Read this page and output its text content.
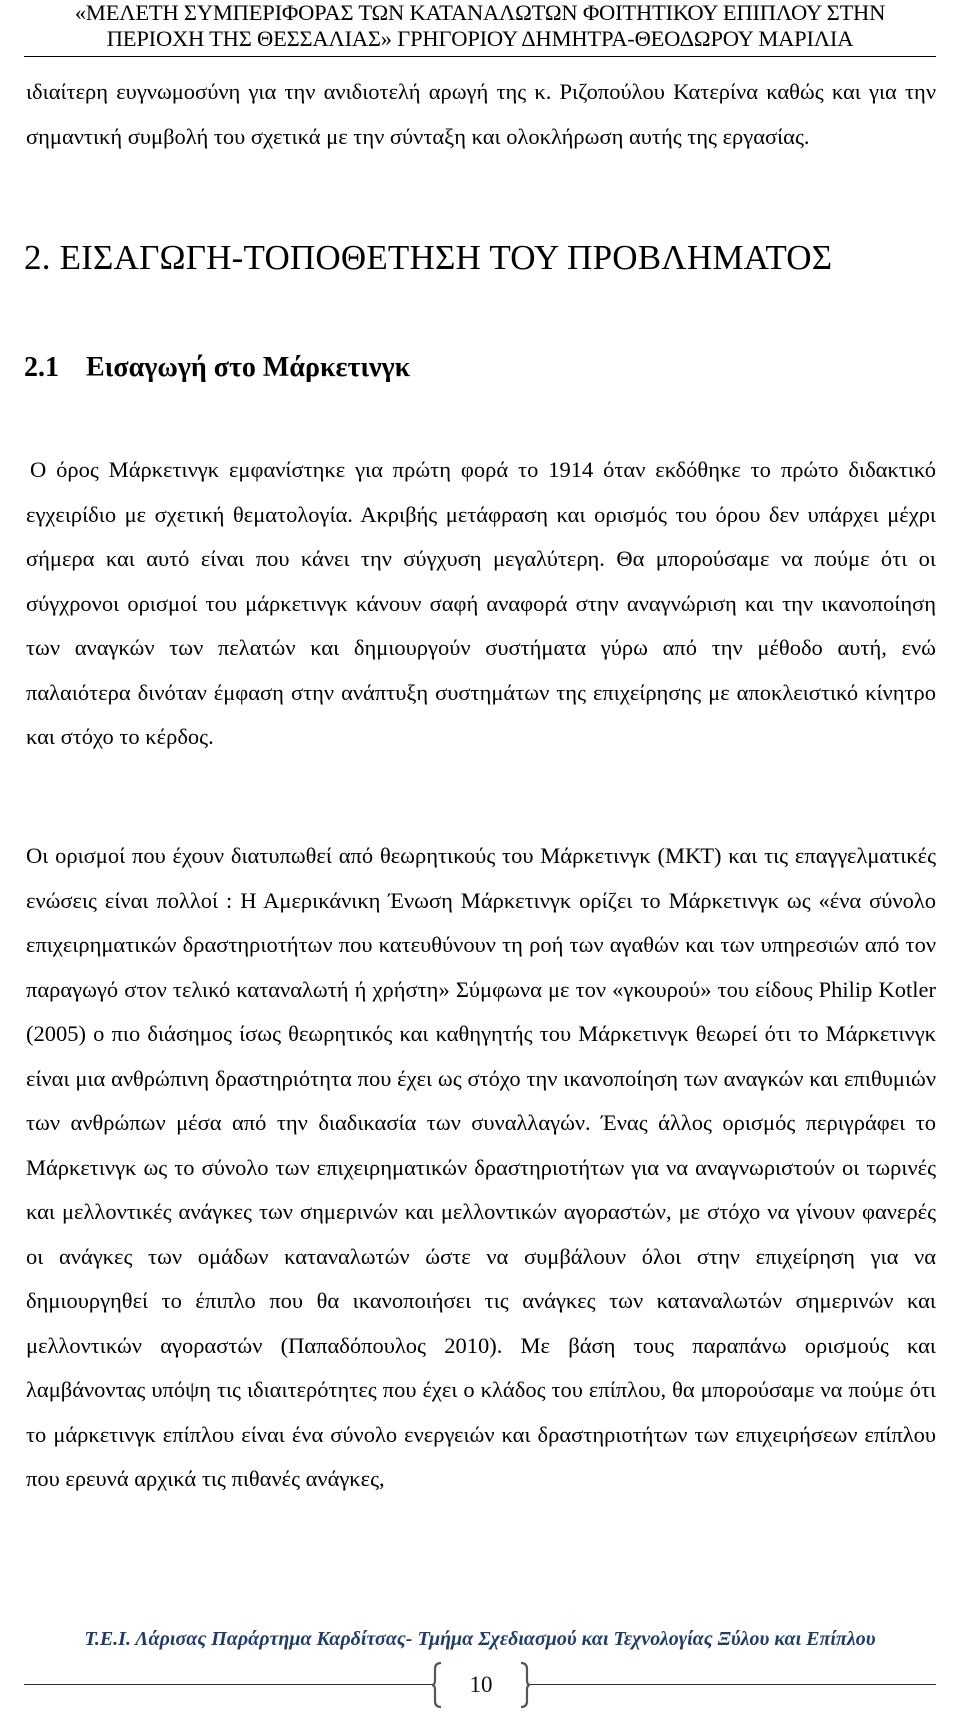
«ΜΕΛΕΤΗ ΣΥΜΠΕΡΙΦΟΡΑΣ ΤΩΝ ΚΑΤΑΝΑΛΩΤΩΝ ΦΟΙΤΗΤΙΚΟΥ ΕΠΙΠΛΟΥ ΣΤΗΝ
ΠΕΡΙΟΧΗ ΤΗΣ ΘΕΣΣΑΛΙΑΣ» ΓΡΗΓΟΡΙΟΥ ΔΗΜΗΤΡΑ-ΘΕΟΔΩΡΟΥ ΜΑΡΙΛΙΑ
ιδιαίτερη ευγνωμοσύνη για την ανιδιοτελή αρωγή της κ. Ριζοπούλου Κατερίνα καθώς και για την σημαντική συμβολή του σχετικά με την σύνταξη και ολοκλήρωση αυτής της εργασίας.
2. ΕΙΣΑΓΩΓΗ-ΤΟΠΟΘΕΤΗΣΗ ΤΟΥ ΠΡΟΒΛΗΜΑΤΟΣ
2.1 Εισαγωγή στο Μάρκετινγκ
Ο όρος Μάρκετινγκ εμφανίστηκε για πρώτη φορά το 1914 όταν εκδόθηκε το πρώτο διδακτικό εγχειρίδιο με σχετική θεματολογία. Ακριβής μετάφραση και ορισμός του όρου δεν υπάρχει μέχρι σήμερα και αυτό είναι που κάνει την σύγχυση μεγαλύτερη. Θα μπορούσαμε να πούμε ότι οι σύγχρονοι ορισμοί του μάρκετινγκ κάνουν σαφή αναφορά στην αναγνώριση και την ικανοποίηση των αναγκών των πελατών και δημιουργούν συστήματα γύρω από την μέθοδο αυτή, ενώ παλαιότερα δινόταν έμφαση στην ανάπτυξη συστημάτων της επιχείρησης με αποκλειστικό κίνητρο και στόχο το κέρδος.
Οι ορισμοί που έχουν διατυπωθεί από θεωρητικούς του Μάρκετινγκ (ΜΚΤ) και τις επαγγελματικές ενώσεις είναι πολλοί : Η Αμερικάνικη Ένωση Μάρκετινγκ ορίζει το Μάρκετινγκ ως «ένα σύνολο επιχειρηματικών δραστηριοτήτων που κατευθύνουν τη ροή των αγαθών και των υπηρεσιών από τον παραγωγό στον τελικό καταναλωτή ή χρήστη» Σύμφωνα με τον «γκουρού» του είδους Philip Kotler (2005) ο πιο διάσημος ίσως θεωρητικός και καθηγητής του Μάρκετινγκ θεωρεί ότι το Μάρκετινγκ είναι μια ανθρώπινη δραστηριότητα που έχει ως στόχο την ικανοποίηση των αναγκών και επιθυμιών των ανθρώπων μέσα από την διαδικασία των συναλλαγών. Ένας άλλος ορισμός περιγράφει το Μάρκετινγκ ως το σύνολο των επιχειρηματικών δραστηριοτήτων για να αναγνωριστούν οι τωρινές και μελλοντικές ανάγκες των σημερινών και μελλοντικών αγοραστών, με στόχο να γίνουν φανερές οι ανάγκες των ομάδων καταναλωτών ώστε να συμβάλουν όλοι στην επιχείρηση για να δημιουργηθεί το έπιπλο που θα ικανοποιήσει τις ανάγκες των καταναλωτών σημερινών και μελλοντικών αγοραστών (Παπαδόπουλος 2010). Με βάση τους παραπάνω ορισμούς και λαμβάνοντας υπόψη τις ιδιαιτερότητες που έχει ο κλάδος του επίπλου, θα μπορούσαμε να πούμε ότι το μάρκετινγκ επίπλου είναι ένα σύνολο ενεργειών και δραστηριοτήτων των επιχειρήσεων επίπλου που ερευνά αρχικά τις πιθανές ανάγκες,
Τ.Ε.Ι. Λάρισας Παράρτημα Καρδίτσας- Τμήμα Σχεδιασμού και Τεχνολογίας Ξύλου και Επίπλου
10
